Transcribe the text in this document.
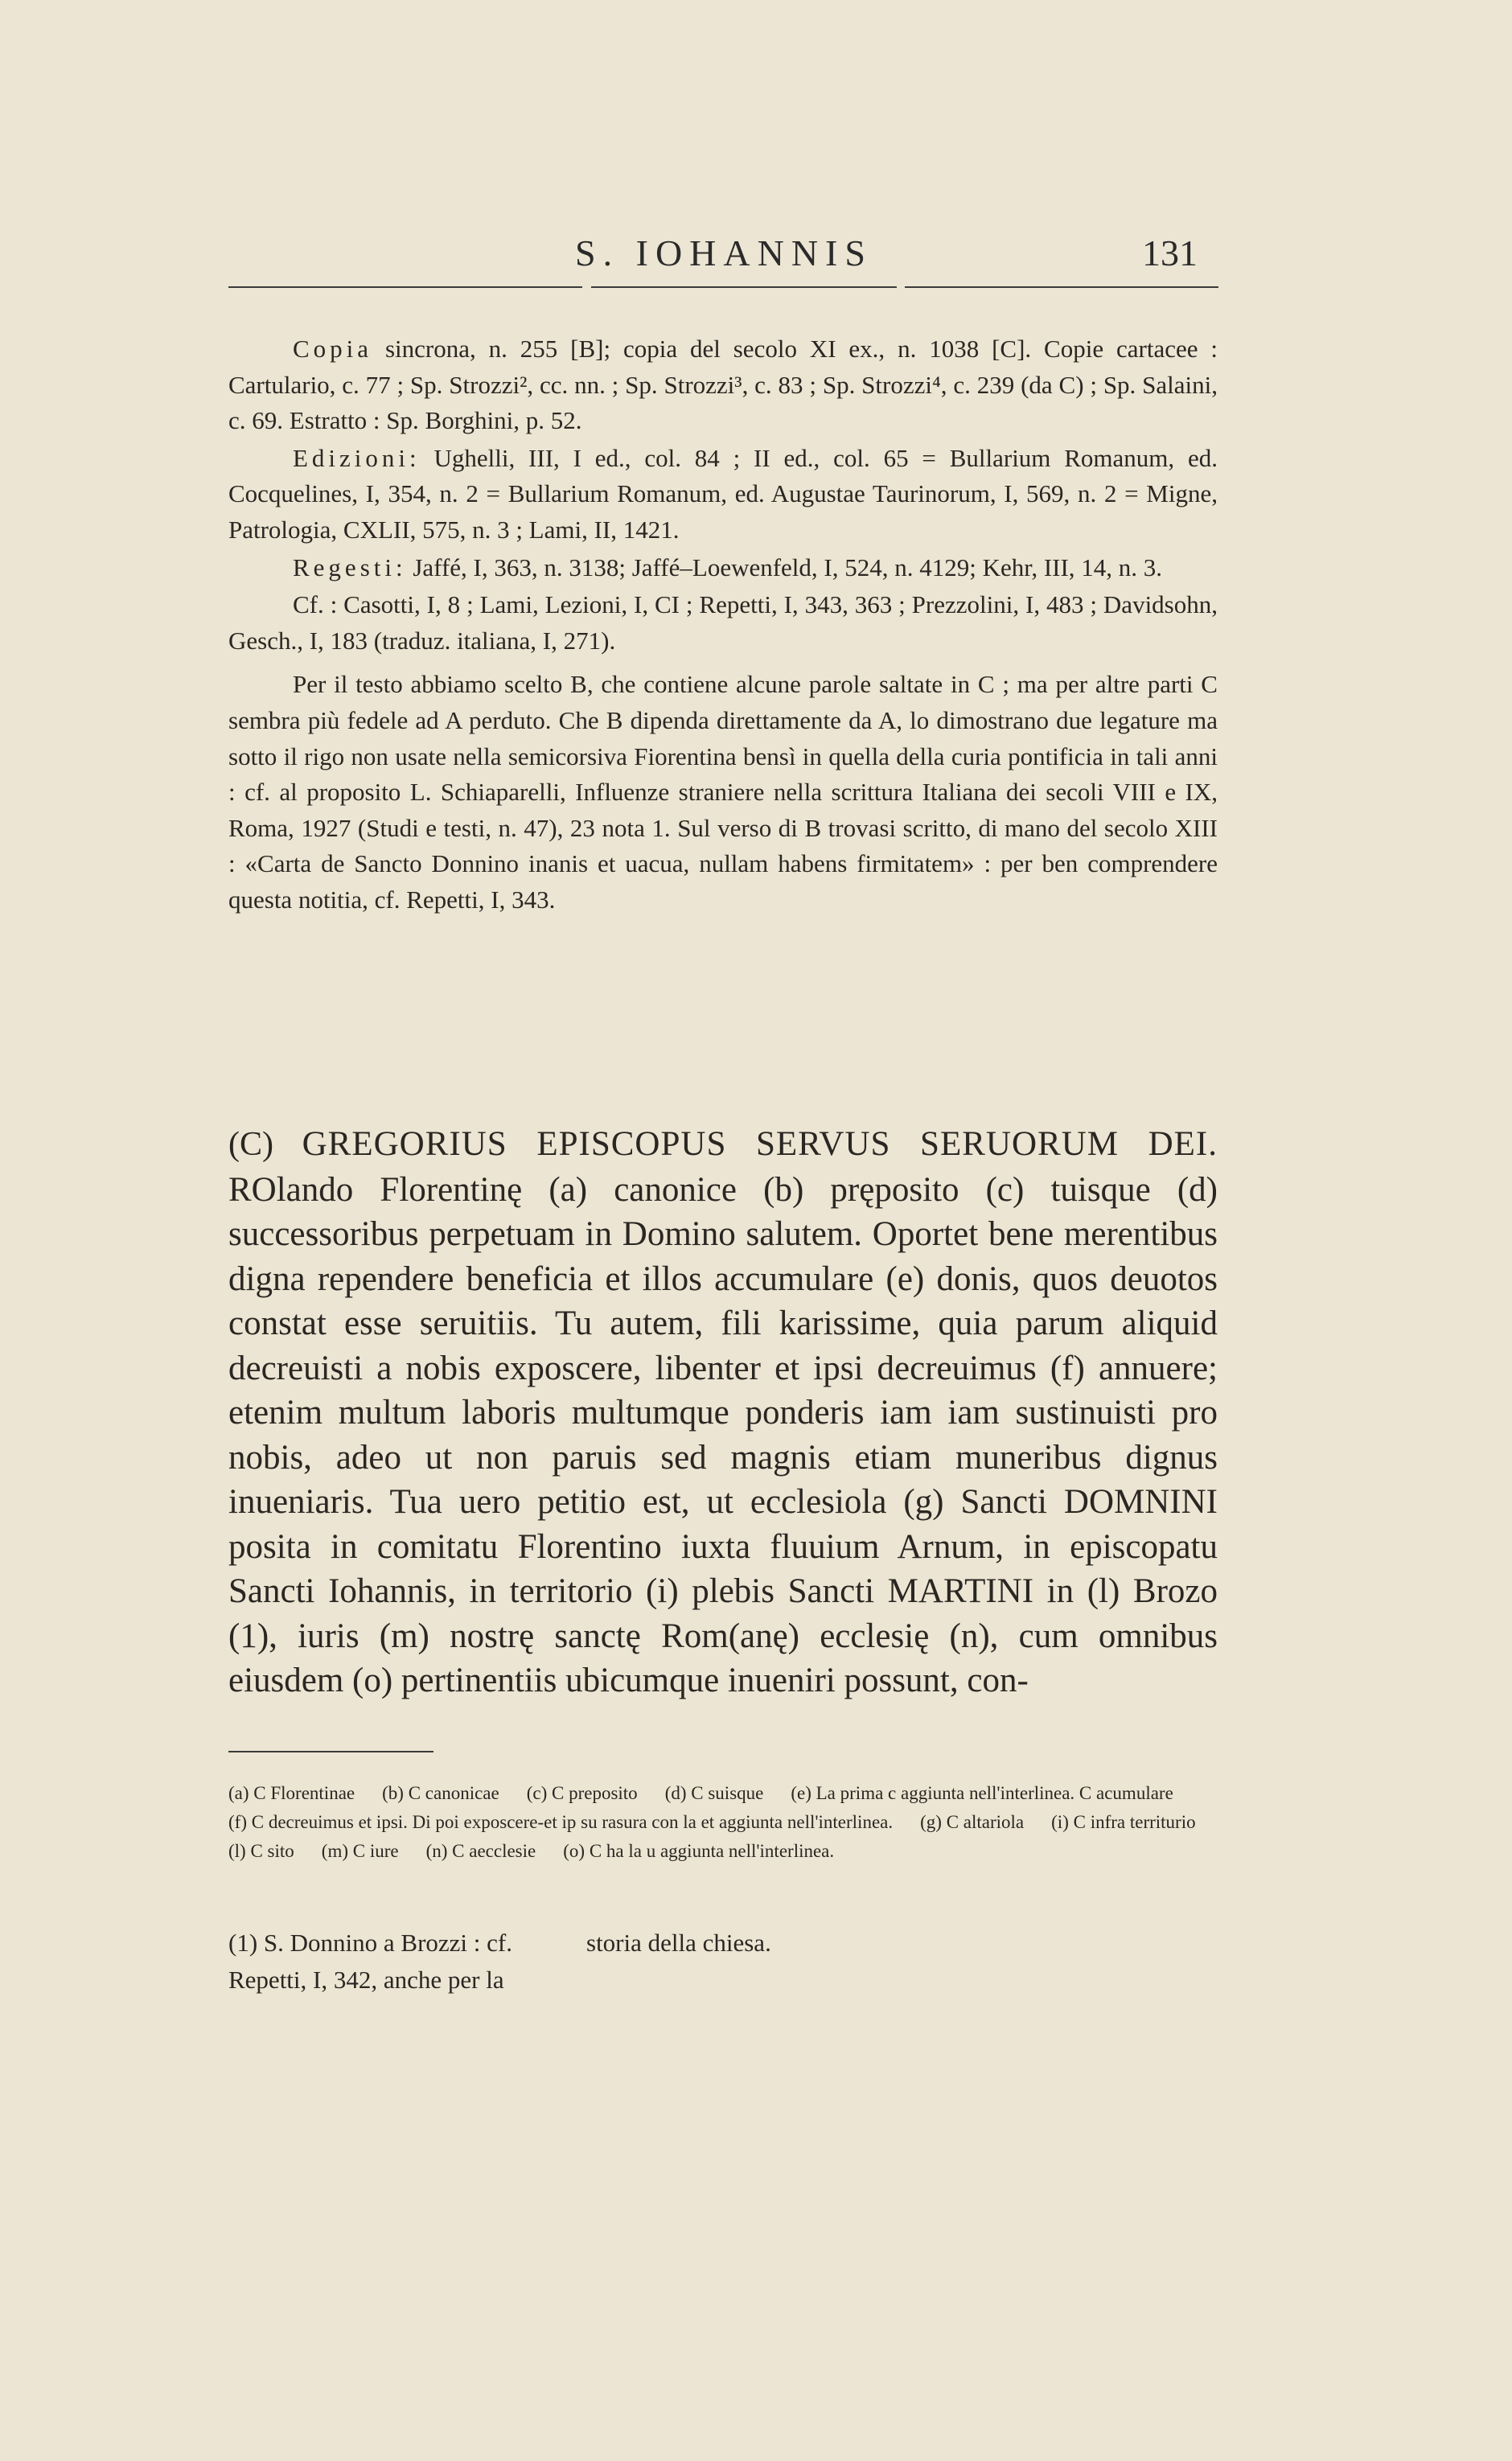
S. IOHANNIS	131

Copia sincrona, n. 255 [B]; copia del secolo XI ex., n. 1038 [C]. Copie cartacee : Cartulario, c. 77 ; Sp. Strozzi², cc. nn. ; Sp. Strozzi³, c. 83 ; Sp. Strozzi⁴, c. 239 (da C) ; Sp. Salaini, c. 69. Estratto : Sp. Borghini, p. 52.

Edizioni: Ughelli, III, I ed., col. 84 ; II ed., col. 65 = Bullarium Romanum, ed. Cocquelines, I, 354, n. 2 = Bullarium Romanum, ed. Augustae Taurinorum, I, 569, n. 2 = Migne, Patrologia, CXLII, 575, n. 3 ; Lami, II, 1421.

Regesti: Jaffé, I, 363, n. 3138; Jaffé–Loewenfeld, I, 524, n. 4129; Kehr, III, 14, n. 3.

Cf. : Casotti, I, 8 ; Lami, Lezioni, I, CI ; Repetti, I, 343, 363 ; Prezzolini, I, 483 ; Davidsohn, Gesch., I, 183 (traduz. italiana, I, 271).

Per il testo abbiamo scelto B, che contiene alcune parole saltate in C ; ma per altre parti C sembra più fedele ad A perduto. Che B dipenda direttamente da A, lo dimostrano due legature ma sotto il rigo non usate nella semicorsiva Fiorentina bensì in quella della curia pontificia in tali anni : cf. al proposito L. Schiaparelli, Influenze straniere nella scrittura Italiana dei secoli VIII e IX, Roma, 1927 (Studi e testi, n. 47), 23 nota 1. Sul verso di B trovasi scritto, di mano del secolo XIII : «Carta de Sancto Donnino inanis et uacua, nullam habens firmitatem» : per ben comprendere questa notitia, cf. Repetti, I, 343.

(C) GREGORIUS EPISCOPUS SERVUS SERUORUM DEI. ROlando Florentinę (a) canonice (b) pręposito (c) tuisque (d) successoribus perpetuam in Domino salutem. Oportet bene merentibus digna rependere beneficia et illos accumulare (e) donis, quos deuotos constat esse seruitiis. Tu autem, fili karissime, quia parum aliquid decreuisti a nobis exposcere, libenter et ipsi decreuimus (f) annuere; etenim multum laboris multumque ponderis iam iam sustinuisti pro nobis, adeo ut non paruis sed magnis etiam muneribus dignus inueniaris. Tua uero petitio est, ut ecclesiola (g) Sancti DOMNINI posita in comitatu Florentino iuxta fluuium Arnum, in episcopatu Sancti Iohannis, in territorio (i) plebis Sancti MARTINI in (l) Brozo (1), iuris (m) nostrę sanctę Rom(anę) ecclesię (n), cum omnibus eiusdem (o) pertinentiis ubicumque inueniri possunt, con-

(a) C Florentinae (b) C canonicae (c) C preposito (d) C suisque (e) La prima c aggiunta nell'interlinea. C acumulare
(f) C decreuimus et ipsi. Di poi exposcere-et ip su rasura con la et aggiunta nell'interlinea. (g) C altariola (i) C infra territurio
(l) C sito (m) C iure (n) C aecclesie (o) C ha la u aggiunta nell'interlinea.
(1) S. Donnino a Brozzi : cf. Repetti, I, 342, anche per la storia della chiesa.
